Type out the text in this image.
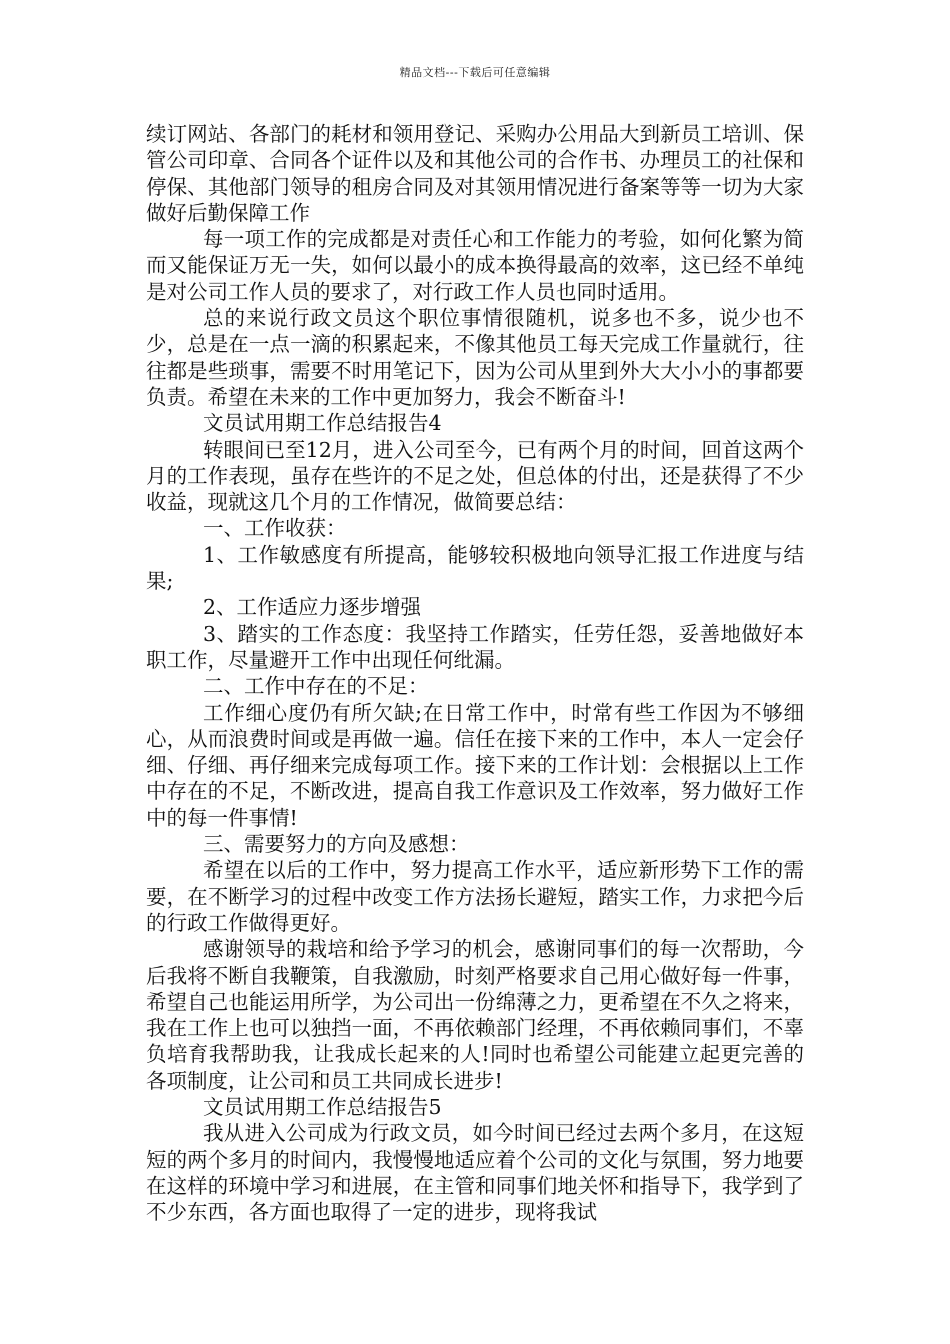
精品文档---下载后可任意编辑

续订网站、各部门的耗材和领用登记、采购办公用品大到新员工培训、保管公司印章、合同各个证件以及和其他公司的合作书、办理员工的社保和停保、其他部门领导的租房合同及对其领用情况进行备案等等一切为大家做好后勤保障工作

每一项工作的完成都是对责任心和工作能力的考验，如何化繁为简而又能保证万无一失，如何以最小的成本换得最高的效率，这已经不单纯是对公司工作人员的要求了，对行政工作人员也同时适用。

总的来说行政文员这个职位事情很随机，说多也不多，说少也不少，总是在一点一滴的积累起来，不像其他员工每天完成工作量就行，往往都是些琐事，需要不时用笔记下，因为公司从里到外大大小小的事都要负责。希望在未来的工作中更加努力，我会不断奋斗!

文员试用期工作总结报告4

转眼间已至12月，进入公司至今，已有两个月的时间，回首这两个月的工作表现，虽存在些许的不足之处，但总体的付出，还是获得了不少收益，现就这几个月的工作情况，做简要总结：

一、工作收获：

1、工作敏感度有所提高，能够较积极地向领导汇报工作进度与结果;

2、工作适应力逐步增强

3、踏实的工作态度：我坚持工作踏实，任劳任怨，妥善地做好本职工作，尽量避开工作中出现任何纰漏。

二、工作中存在的不足：

工作细心度仍有所欠缺;在日常工作中，时常有些工作因为不够细心，从而浪费时间或是再做一遍。信任在接下来的工作中，本人一定会仔细、仔细、再仔细来完成每项工作。接下来的工作计划：会根据以上工作中存在的不足，不断改进，提高自我工作意识及工作效率，努力做好工作中的每一件事情!

三、需要努力的方向及感想：

希望在以后的工作中，努力提高工作水平，适应新形势下工作的需要，在不断学习的过程中改变工作方法扬长避短，踏实工作，力求把今后的行政工作做得更好。

感谢领导的栽培和给予学习的机会，感谢同事们的每一次帮助，今后我将不断自我鞭策，自我激励，时刻严格要求自己用心做好每一件事，希望自己也能运用所学，为公司出一份绵薄之力，更希望在不久之将来，我在工作上也可以独挡一面，不再依赖部门经理，不再依赖同事们，不辜负培育我帮助我，让我成长起来的人!同时也希望公司能建立起更完善的各项制度，让公司和员工共同成长进步!

文员试用期工作总结报告5

我从进入公司成为行政文员，如今时间已经过去两个多月，在这短短的两个多月的时间内，我慢慢地适应着个公司的文化与氛围，努力地要在这样的环境中学习和进展，在主管和同事们地关怀和指导下，我学到了不少东西，各方面也取得了一定的进步，现将我试
